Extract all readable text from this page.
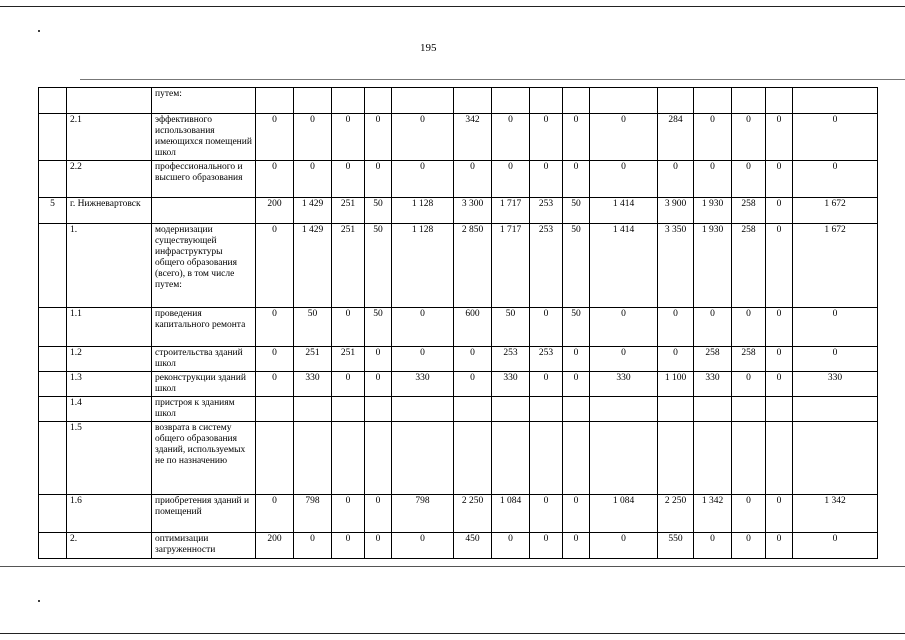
195
		путем:															
	2.1	эффективного использования имеющихся помещений школ	0	0	0	0	0	342	0	0	0	0	284	0	0	0	0
	2.2	профессионального и высшего образования	0	0	0	0	0	0	0	0	0	0	0	0	0	0	0
5	г. Нижневартовск		200	1 429	251	50	1 128	3 300	1 717	253	50	1 414	3 900	1 930	258	0	1 672
	1.	модернизации существующей инфраструктуры общего образования (всего), в том числе путем:	0	1 429	251	50	1 128	2 850	1 717	253	50	1 414	3 350	1 930	258	0	1 672
	1.1	проведения капитального ремонта	0	50	0	50	0	600	50	0	50	0	0	0	0	0	0
	1.2	строительства зданий школ	0	251	251	0	0	0	253	253	0	0	0	258	258	0	0
	1.3	реконструкции зданий школ	0	330	0	0	330	0	330	0	0	330	1 100	330	0	0	330
	1.4	пристроя к зданиям школ															
	1.5	возврата в систему общего образования зданий, используемых не по назначению															
	1.6	приобретения зданий и помещений	0	798	0	0	798	2 250	1 084	0	0	1 084	2 250	1 342	0	0	1 342
	2.	оптимизации загруженности	200	0	0	0	0	450	0	0	0	0	550	0	0	0	0
